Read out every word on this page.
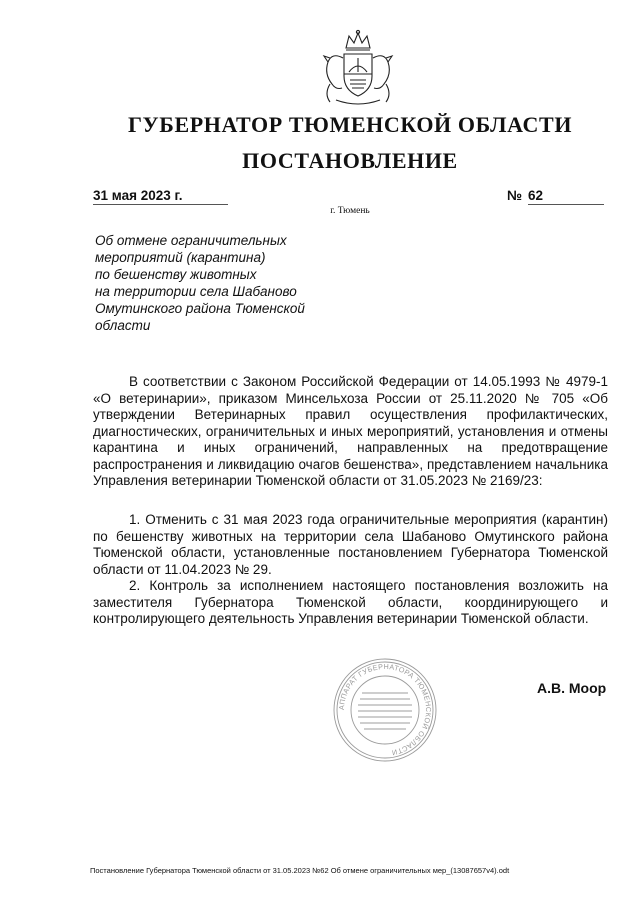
ГУБЕРНАТОР ТЮМЕНСКОЙ ОБЛАСТИ
ПОСТАНОВЛЕНИЕ
31 мая 2023 г.	№ 62
г. Тюмень
Об отмене ограничительных
мероприятий (карантина)
по бешенству животных
на территории села Шабаново
Омутинского района Тюменской
области

В соответствии с Законом Российской Федерации от 14.05.1993 № 4979-1 «О ветеринарии», приказом Минсельхоза России от 25.11.2020 № 705 «Об утверждении Ветеринарных правил осуществления профилактических, диагностических, ограничительных и иных мероприятий, установления и отмены карантина и иных ограничений, направленных на предотвращение распространения и ликвидацию очагов бешенства», представлением начальника Управления ветеринарии Тюменской области от 31.05.2023 № 2169/23:

1. Отменить с 31 мая 2023 года ограничительные мероприятия (карантин) по бешенству животных на территории села Шабаново Омутинского района Тюменской области, установленные постановлением Губернатора Тюменской области от 11.04.2023 № 29.

2. Контроль за исполнением настоящего постановления возложить на заместителя Губернатора Тюменской области, координирующего и контролирующего деятельность Управления ветеринарии Тюменской области.

АППАРАТ ГУБЕРНАТОРА ТЮМЕНСКОЙ ОБЛАСТИ
А.В. Моор
Постановление Губернатора Тюменской области от 31.05.2023 №62 Об отмене ограничительных мер_(13087657v4).odt
